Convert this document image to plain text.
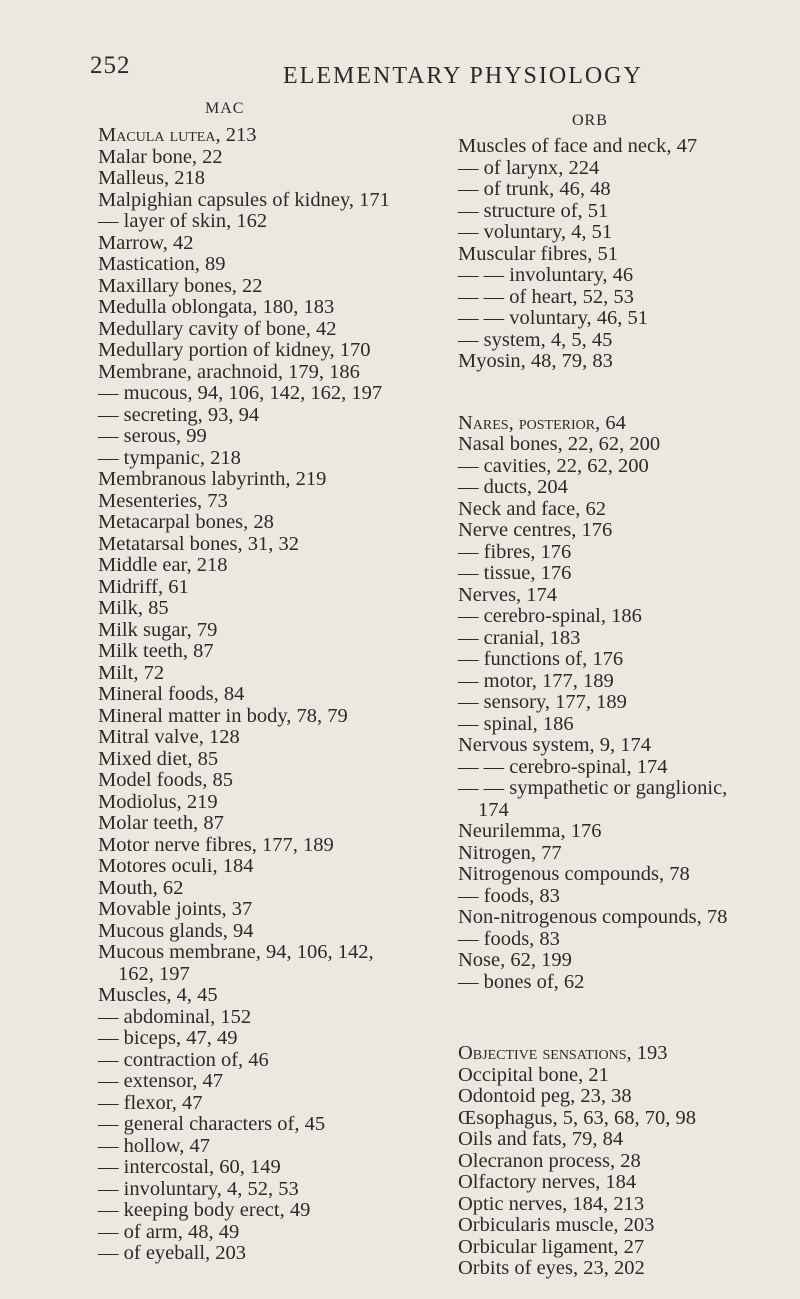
252	ELEMENTARY PHYSIOLOGY
MAC
ORB
Macula lutea, 213
Malar bone, 22
Malleus, 218
Malpighian capsules of kidney, 171
— layer of skin, 162
Marrow, 42
Mastication, 89
Maxillary bones, 22
Medulla oblongata, 180, 183
Medullary cavity of bone, 42
Medullary portion of kidney, 170
Membrane, arachnoid, 179, 186
— mucous, 94, 106, 142, 162, 197
— secreting, 93, 94
— serous, 99
— tympanic, 218
Membranous labyrinth, 219
Mesenteries, 73
Metacarpal bones, 28
Metatarsal bones, 31, 32
Middle ear, 218
Midriff, 61
Milk, 85
Milk sugar, 79
Milk teeth, 87
Milt, 72
Mineral foods, 84
Mineral matter in body, 78, 79
Mitral valve, 128
Mixed diet, 85
Model foods, 85
Modiolus, 219
Molar teeth, 87
Motor nerve fibres, 177, 189
Motores oculi, 184
Mouth, 62
Movable joints, 37
Mucous glands, 94
Mucous membrane, 94, 106, 142,
162, 197
Muscles, 4, 45
— abdominal, 152
— biceps, 47, 49
— contraction of, 46
— extensor, 47
— flexor, 47
— general characters of, 45
— hollow, 47
— intercostal, 60, 149
— involuntary, 4, 52, 53
— keeping body erect, 49
— of arm, 48, 49
— of eyeball, 203
Muscles of face and neck, 47
— of larynx, 224
— of trunk, 46, 48
— structure of, 51
— voluntary, 4, 51
Muscular fibres, 51
— — involuntary, 46
— — of heart, 52, 53
— — voluntary, 46, 51
— system, 4, 5, 45
Myosin, 48, 79, 83
Nares, posterior, 64
Nasal bones, 22, 62, 200
— cavities, 22, 62, 200
— ducts, 204
Neck and face, 62
Nerve centres, 176
— fibres, 176
— tissue, 176
Nerves, 174
— cerebro-spinal, 186
— cranial, 183
— functions of, 176
— motor, 177, 189
— sensory, 177, 189
— spinal, 186
Nervous system, 9, 174
— — cerebro-spinal, 174
— — sympathetic or ganglionic,
174
Neurilemma, 176
Nitrogen, 77
Nitrogenous compounds, 78
— foods, 83
Non-nitrogenous compounds, 78
— foods, 83
Nose, 62, 199
— bones of, 62
Objective sensations, 193
Occipital bone, 21
Odontoid peg, 23, 38
Œsophagus, 5, 63, 68, 70, 98
Oils and fats, 79, 84
Olecranon process, 28
Olfactory nerves, 184
Optic nerves, 184, 213
Orbicularis muscle, 203
Orbicular ligament, 27
Orbits of eyes, 23, 202
